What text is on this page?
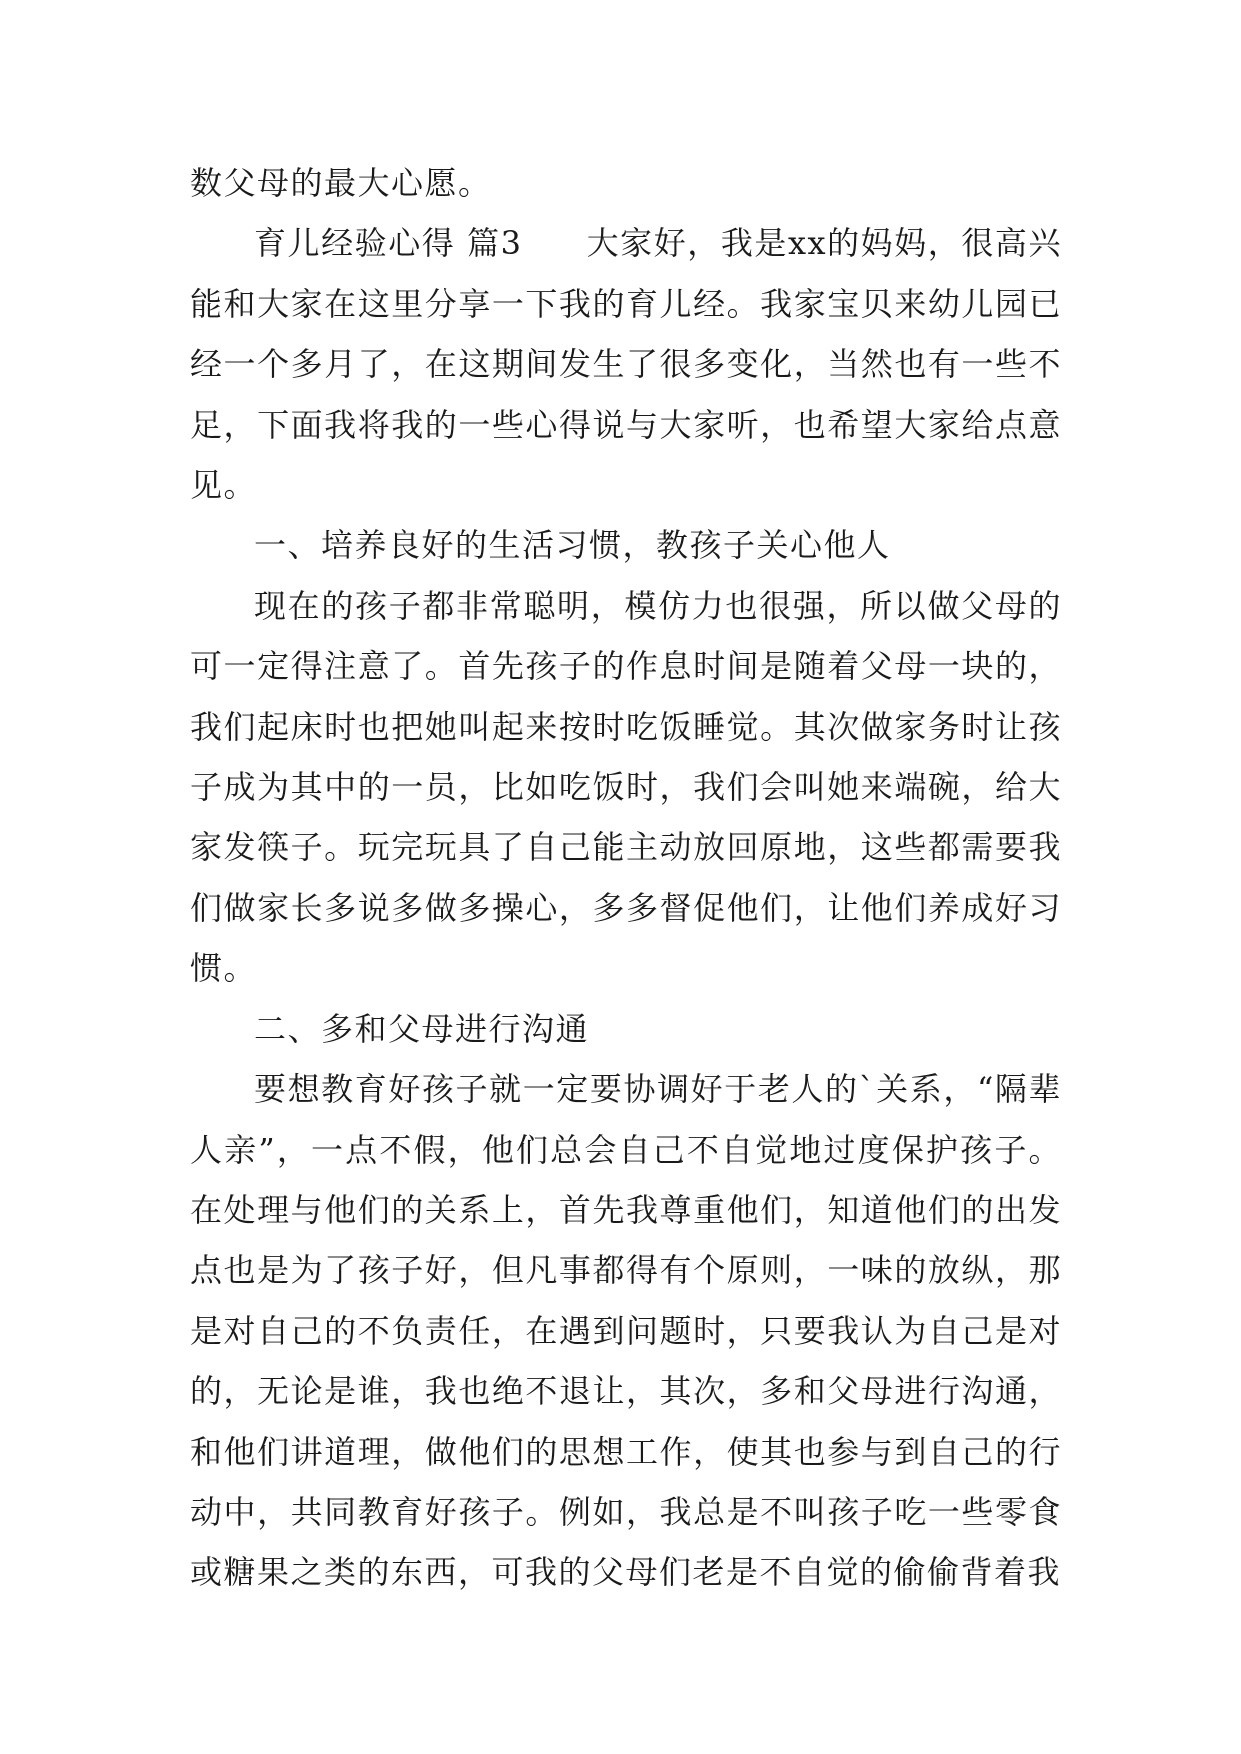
数父母的最大心愿。

育儿经验心得 篇3 大家好，我是xx的妈妈，很高兴能和大家在这里分享一下我的育儿经。我家宝贝来幼儿园已经一个多月了，在这期间发生了很多变化，当然也有一些不足，下面我将我的一些心得说与大家听，也希望大家给点意见。

一、培养良好的生活习惯，教孩子关心他人

现在的孩子都非常聪明，模仿力也很强，所以做父母的可一定得注意了。首先孩子的作息时间是随着父母一块的，我们起床时也把她叫起来按时吃饭睡觉。其次做家务时让孩子成为其中的一员，比如吃饭时，我们会叫她来端碗，给大家发筷子。玩完玩具了自己能主动放回原地，这些都需要我们做家长多说多做多操心，多多督促他们，让他们养成好习惯。

二、多和父母进行沟通

要想教育好孩子就一定要协调好于老人的`关系，“隔辈人亲”，一点不假，他们总会自己不自觉地过度保护孩子。在处理与他们的关系上，首先我尊重他们，知道他们的出发点也是为了孩子好，但凡事都得有个原则，一味的放纵，那是对自己的不负责任，在遇到问题时，只要我认为自己是对的，无论是谁，我也绝不退让，其次，多和父母进行沟通，和他们讲道理，做他们的思想工作，使其也参与到自己的行动中，共同教育好孩子。例如，我总是不叫孩子吃一些零食或糖果之类的东西，可我的父母们老是不自觉的偷偷背着我
